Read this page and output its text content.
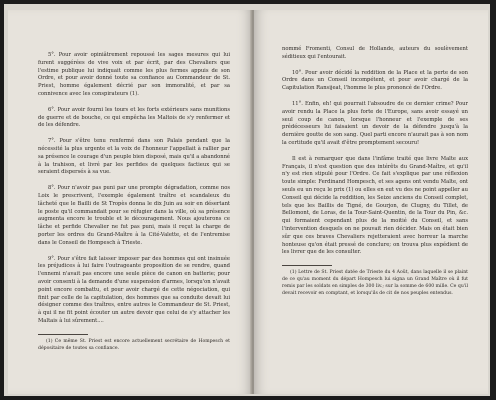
5°. Pour avoir opiniâtrement repoussé les sages mesures qui lui furent suggérées de vive voix et par écrit, par des Chevaliers que l'estime publique lui indiquait comme les plus fermes appuis de son Ordre, et pour avoir donné toute sa confiance au Commandeur de St. Priest, homme également décrié par son immoralité, et par sa connivence avec les conspirateurs (1).

6°. Pour avoir fourni les tours et les forts extérieurs sans munitions de guerre et de bouche, ce qui empêcha les Maltois de s'y renfermer et de les défendre.

7°. Pour s'être tenu renfermé dans son Palais pendant que la nécessité la plus urgente et la voix de l'honneur l'appellait à rallier par sa présence le courage d'un peuple bien disposé, mais qu'il a abandonné à la trahison, et livré par les perfides de quelques factieux qui se seraient dispersés à sa vue.

8°. Pour n'avoir pas puni par une prompte dégradation, comme nos Loix le prescrivent, l'exemple également traître et scandaleux du lâcheté que le Bailli de St Tropès donna le dix Juin au soir en désertant le poste qu'il commandait pour se réfugier dans la ville, où sa présence augmenta encore le trouble et le découragement. Nous ajouterons ce lâche et perfide Chevalier ne fut pas puni, mais il reçut la charge de porter les ordres du Grand-Maître à la Cité-Valette, et de l'entremise dans le Conseil de Hompesch à Trieste.

9°. Pour s'être fait laisser imposer par des hommes qui ont insinuée les préjudices à lui faire l'outrageante proposition de se rendre, quand l'ennemi n'avait pas encore une seule pièce de canon en batterie; pour avoir consenti à la demande d'une suspension d'armes, lorsqu'on n'avait point encore combattu, et pour avoir chargé de cette négociation, qui finit par celle de la capitulation, des hommes que sa conduite devait lui désigner comme des traîtres, entre autres le Commandeur de St. Priest, à qui il ne fit point écouter un autre devoir que celui de s'y attacher les Maltais à lui sûrement....

(1) Ce même St. Priest est encore actuellement secrétaire de Hompesch et dépositaire de toutes sa confiance.

nommé Fromenti, Consul de Hollande, auteurs du soulèvement séditieux qui l'entourait.

10°. Pour avoir décidé la reddition de la Place et la perte de son Ordre dans un Conseil incompétent, et pour avoir chargé de la Capitulation Ransijeat, l'homme le plus prononcé de l'Ordre.

11°. Enfin, eh! qui pourrait l'absoudre de ce dernier crime? Pour avoir rendu la Place la plus forte de l'Europe, sans avoir essayé un seul coup de canon, lorsque l'honneur et l'exemple de ses prédécesseurs lui faisaient un devoir de la défendre jusqu'à la dernière goutte de son sang. Quel parti encore n'aurait pas à son nom la certitude qu'il avait d'être promptement secouru!

Il est à remarquer que dans l'infâme traité que livre Malte aux Français, il n'est question que des intérêts du Grand-Maître, et qu'il n'y est rien stipulé pour l'Ordre. Ce fait s'explique par une réflexion toute simple: Ferdinand Hompesch, et ses agens ont vendu Malte, ont seuls eu un reçu le prix (1) ou elles en eut vu des ne point appeller au Conseil qui décide la reddition, les Seize anciens du Conseil complet, tels que les Baillis de Tigné, de Gourjon, de Clugny, du Tillet, de Bellomont, de Loras, de la Tour-Saint-Quentin, de la Tour du Pin, &c. qui formaient cependant plus de la moitié du Conseil, et sans l'intervention desquels on ne pouvait rien décider. Mais on était bien sûr que ces braves Chevaliers rejetteraient avec horreur la marche honteuse qu'on était pressé de conclure; on trouva plus expédient de les livrer que de les consulter.

(1) Lettre de St. Priest datée de Trieste du 4 Août, dans laquelle il se plaint de ce qu'au moment du départ Hompesch lui signa un Grand Maître où il fut remis par les soldats en simples de 300 liv.; sur la somme de 600 mille. Ce qu'il devait recevoir en comptant, et lorsqu'ils de cit de nos peuples entendus.
